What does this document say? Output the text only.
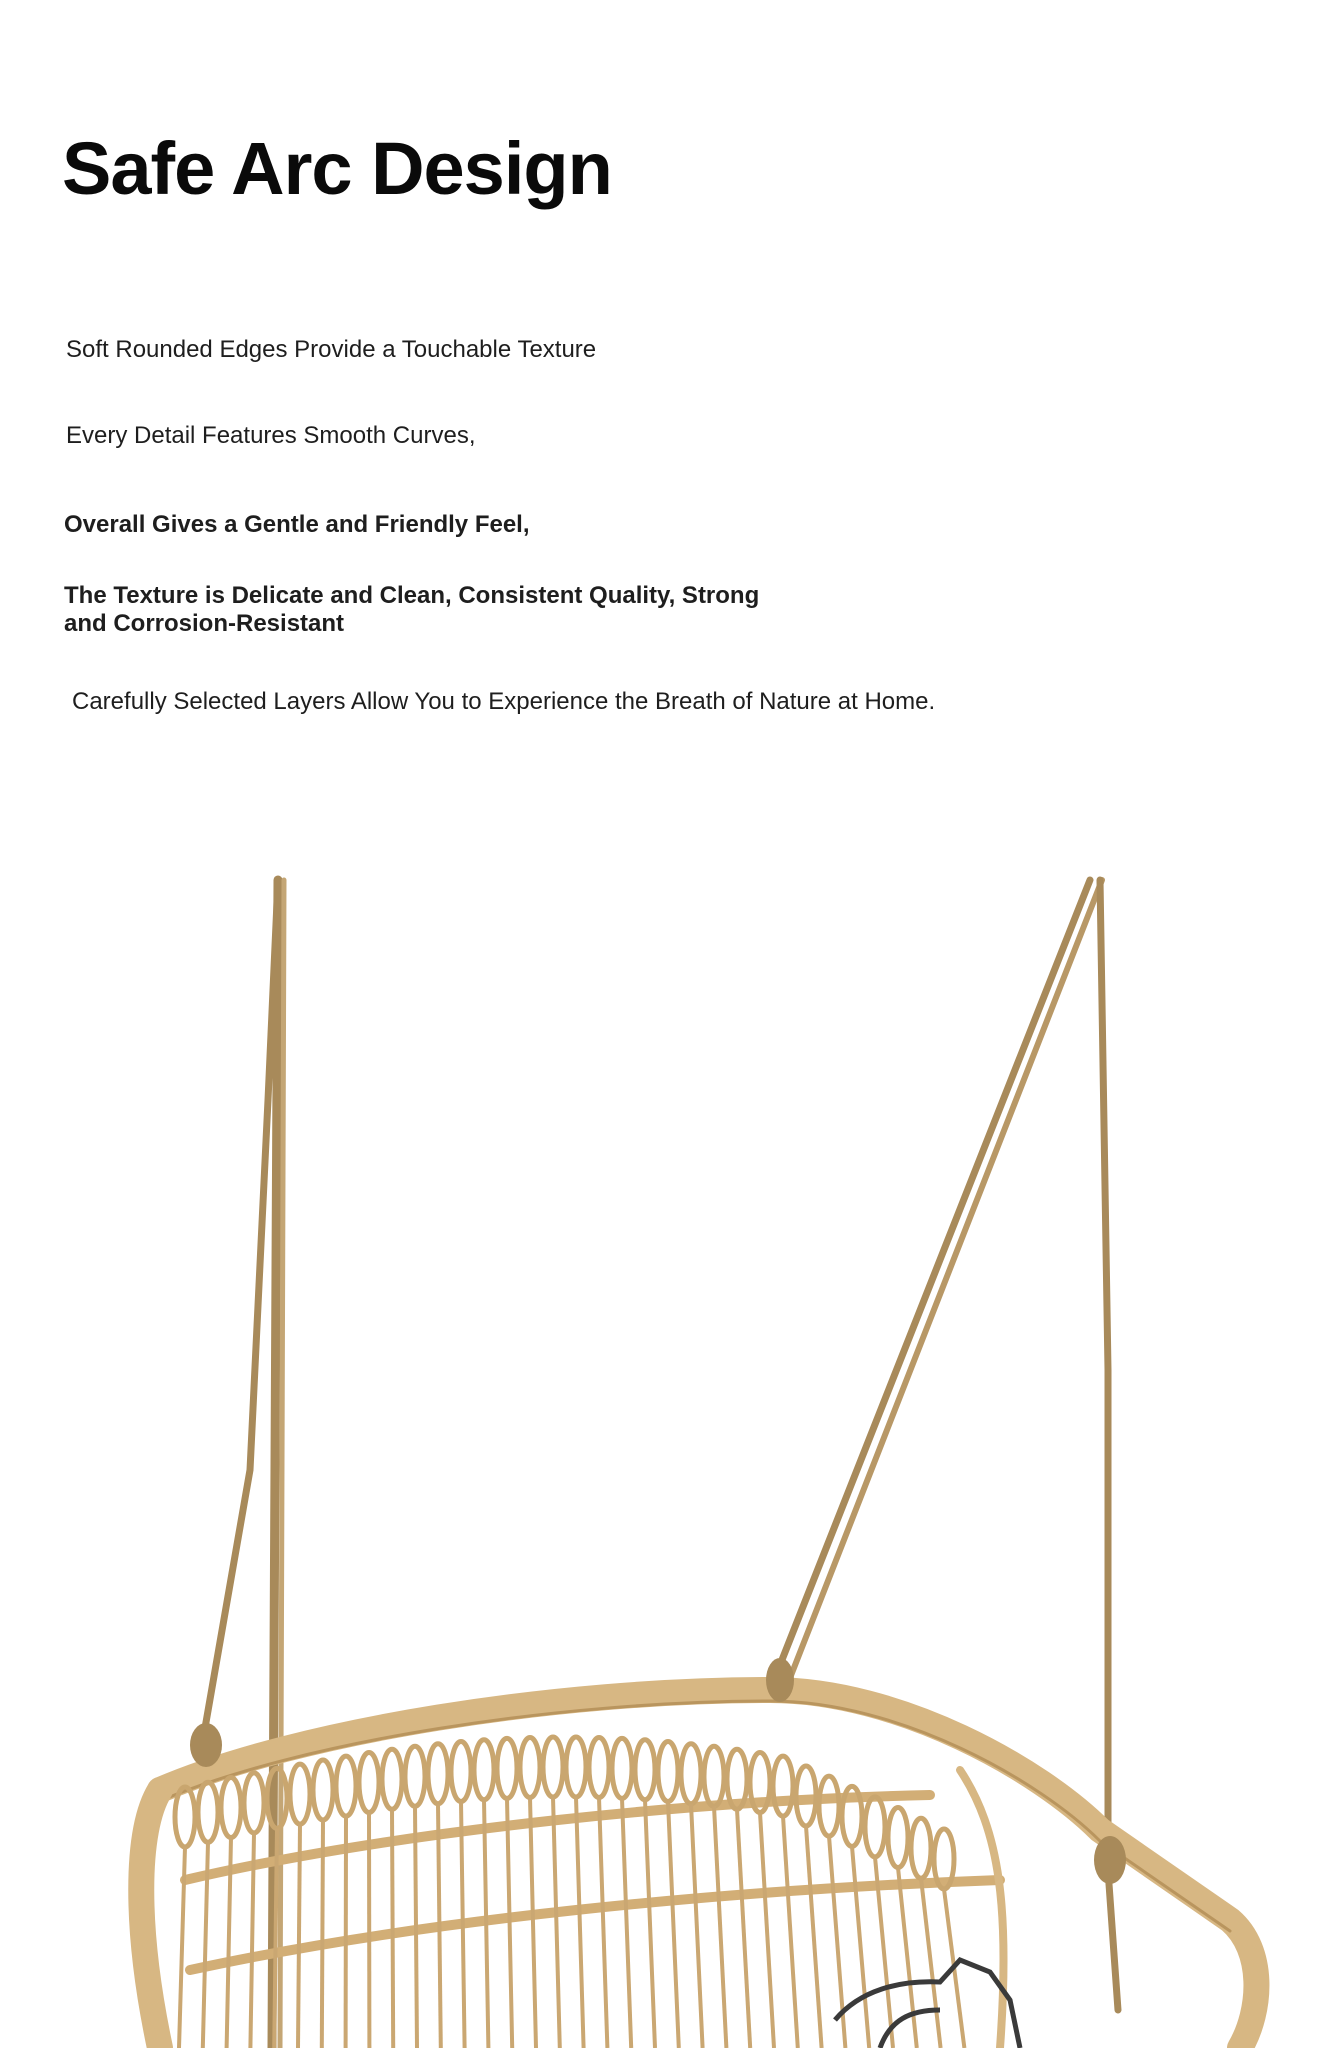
Safe Arc Design

Soft Rounded Edges Provide a Touchable Texture

Every Detail Features Smooth Curves,

Overall Gives a Gentle and Friendly Feel,

The Texture is Delicate and Clean, Consistent Quality, Strong and Corrosion-Resistant

Carefully Selected Layers Allow You to Experience the Breath of Nature at Home.
